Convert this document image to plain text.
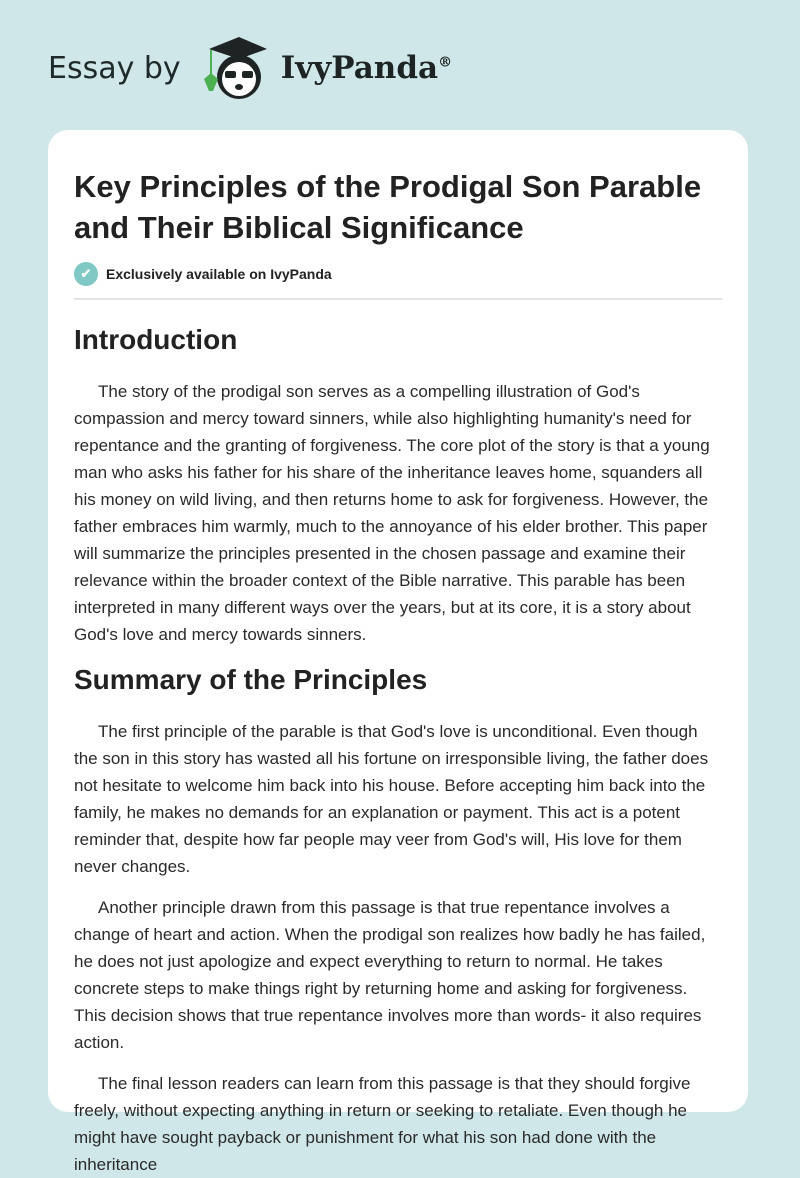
Essay by	IvyPanda®
Key Principles of the Prodigal Son Parable and Their Biblical Significance
✔	Exclusively available on IvyPanda
Introduction

The story of the prodigal son serves as a compelling illustration of God's compassion and mercy toward sinners, while also highlighting humanity's need for repentance and the granting of forgiveness. The core plot of the story is that a young man who asks his father for his share of the inheritance leaves home, squanders all his money on wild living, and then returns home to ask for forgiveness. However, the father embraces him warmly, much to the annoyance of his elder brother. This paper will summarize the principles presented in the chosen passage and examine their relevance within the broader context of the Bible narrative. This parable has been interpreted in many different ways over the years, but at its core, it is a story about God's love and mercy towards sinners.

Summary of the Principles

The first principle of the parable is that God's love is unconditional. Even though the son in this story has wasted all his fortune on irresponsible living, the father does not hesitate to welcome him back into his house. Before accepting him back into the family, he makes no demands for an explanation or payment. This act is a potent reminder that, despite how far people may veer from God's will, His love for them never changes.

Another principle drawn from this passage is that true repentance involves a change of heart and action. When the prodigal son realizes how badly he has failed, he does not just apologize and expect everything to return to normal. He takes concrete steps to make things right by returning home and asking for forgiveness. This decision shows that true repentance involves more than words- it also requires action.

The final lesson readers can learn from this passage is that they should forgive freely, without expecting anything in return or seeking to retaliate. Even though he might have sought payback or punishment for what his son had done with the inheritance
